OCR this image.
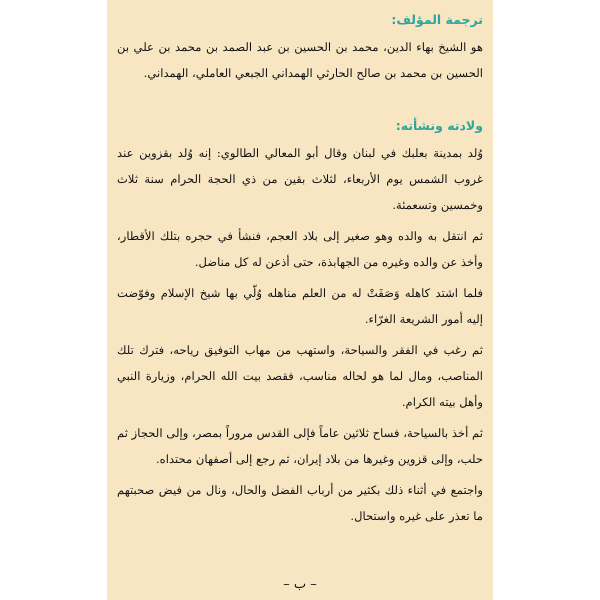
ترجمة المؤلف:

هو الشيخ بهاء الدين، محمد بن الحسين بن عبد الصمد بن محمد بن علي بن الحسين بن محمد بن صالح الحارثي الهمداني الجبعي العاملي، الهمداني.

ولادته ونشأته:

وُلد بمدينة بعلبك في لبنان وقال أبو المعالي الطالوي: إنه وُلد بقزوين عند غروب الشمس يوم الأربعاء، لثلاث بقين من ذي الحجة الحرام سنة ثلاث وخمسين وتسعمئة.

ثم انتقل به والده وهو صغير إلى بلاد العجم، فنشأ في حجره بتلك الأقطار، وأخذ عن والده وغيره من الجهابذة، حتى أذعن له كل مناضل.

فلما اشتد كاهله وَصَفَتْ له من العلم مناهله وُلّي بها شيخ الإسلام وفوّضت إليه أمور الشريعة الغرّاء.

ثم رغب في الفقر والسياحة، واستهب من مهاب التوفيق رياحه، فترك تلك المناصب، ومال لما هو لحاله مناسب، فقصد بيت الله الحرام، وزيارة النبي وأهل بيته الكرام.

ثم أخذ بالسياحة، فساح ثلاثين عاماً فإلى القدس مروراً بمصر، وإلى الحجاز ثم حلب، وإلى قزوين وغيرها من بلاد إيران، ثم رجع إلى أصفهان محتداه.

واجتمع في أثناء ذلك بكثير من أرباب الفضل والحال، ونال من فيض صحبتهم ما تعذر على غيره واستحال.

– ب –
